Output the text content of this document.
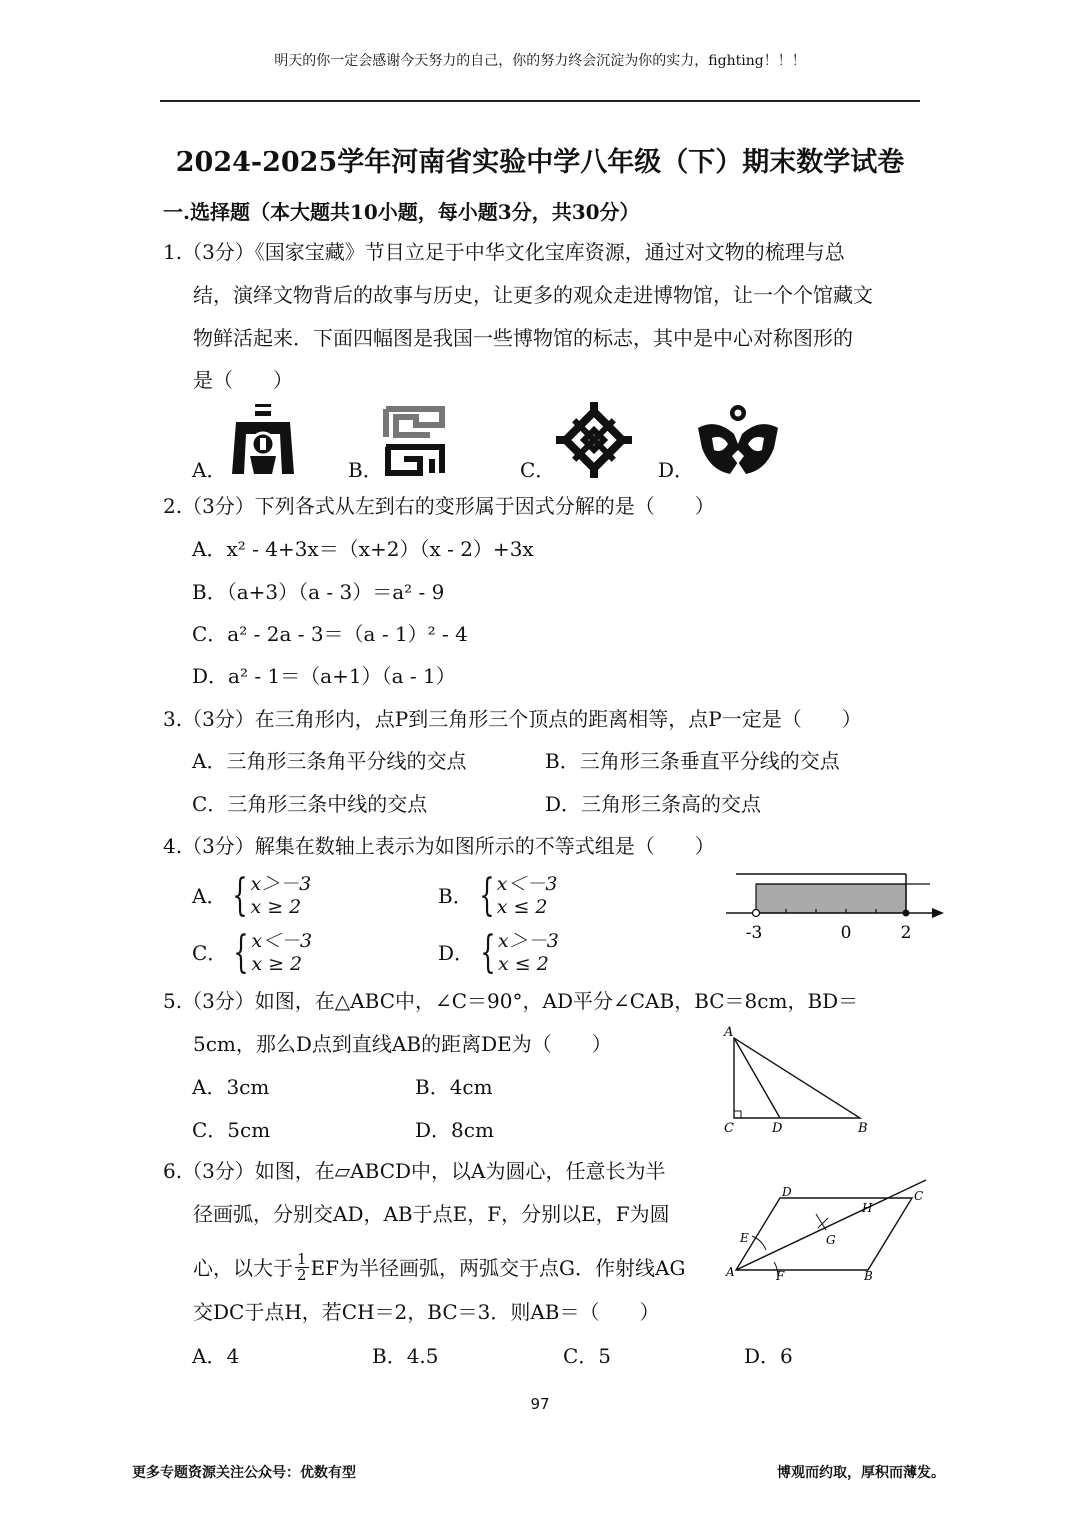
明天的你一定会感谢今天努力的自己，你的努力终会沉淀为你的实力，fighting！！！
2024-2025学年河南省实验中学八年级（下）期末数学试卷
一.选择题（本大题共10小题，每小题3分，共30分）
1.（3分）《国家宝藏》节目立足于中华文化宝库资源，通过对文物的梳理与总
结，演绎文物背后的故事与历史，让更多的观众走进博物馆，让一个个馆藏文
物鲜活起来．下面四幅图是我国一些博物馆的标志，其中是中心对称图形的
是（　　）
A．	B．	C．	D．
2.（3分）下列各式从左到右的变形属于因式分解的是（　　）
A．x² - 4+3x＝（x+2）（x - 2）+3x
B．（a+3）（a - 3）＝a² - 9
C．a² - 2a - 3＝（a - 1）² - 4
D．a² - 1＝（a+1）（a - 1）
3.（3分）在三角形内，点P到三角形三个顶点的距离相等，点P一定是（　　）
A．三角形三条角平分线的交点	B．三角形三条垂直平分线的交点
C．三角形三条中线的交点	D．三角形三条高的交点
4.（3分）解集在数轴上表示为如图所示的不等式组是（　　）
A． { x＞－3
x ≥ 2	B． { x＜－3
x ≤ 2
C． { x＜－3
x ≥ 2	D． { x＞－3
x ≤ 2
-3	0	2
5.（3分）如图，在△ABC中，∠C＝90°，AD平分∠CAB，BC＝8cm，BD＝
5cm，那么D点到直线AB的距离DE为（　　）
A．3cm	B．4cm
C．5cm	D．8cm
A
C	D	B
6.（3分）如图，在▱ABCD中，以A为圆心，任意长为半
径画弧，分别交AD，AB于点E，F，分别以E，F为圆
心，以大于 $\frac{1}{2}$ EF为半径画弧，两弧交于点G．作射线AG
交DC于点H，若CH＝2，BC＝3．则AB＝（　　）
A．4	B．4.5	C．5	D．6
D	C
A	B
E
F
G
H
97
更多专题资源关注公众号：优数有型	博观而约取，厚积而薄发。
